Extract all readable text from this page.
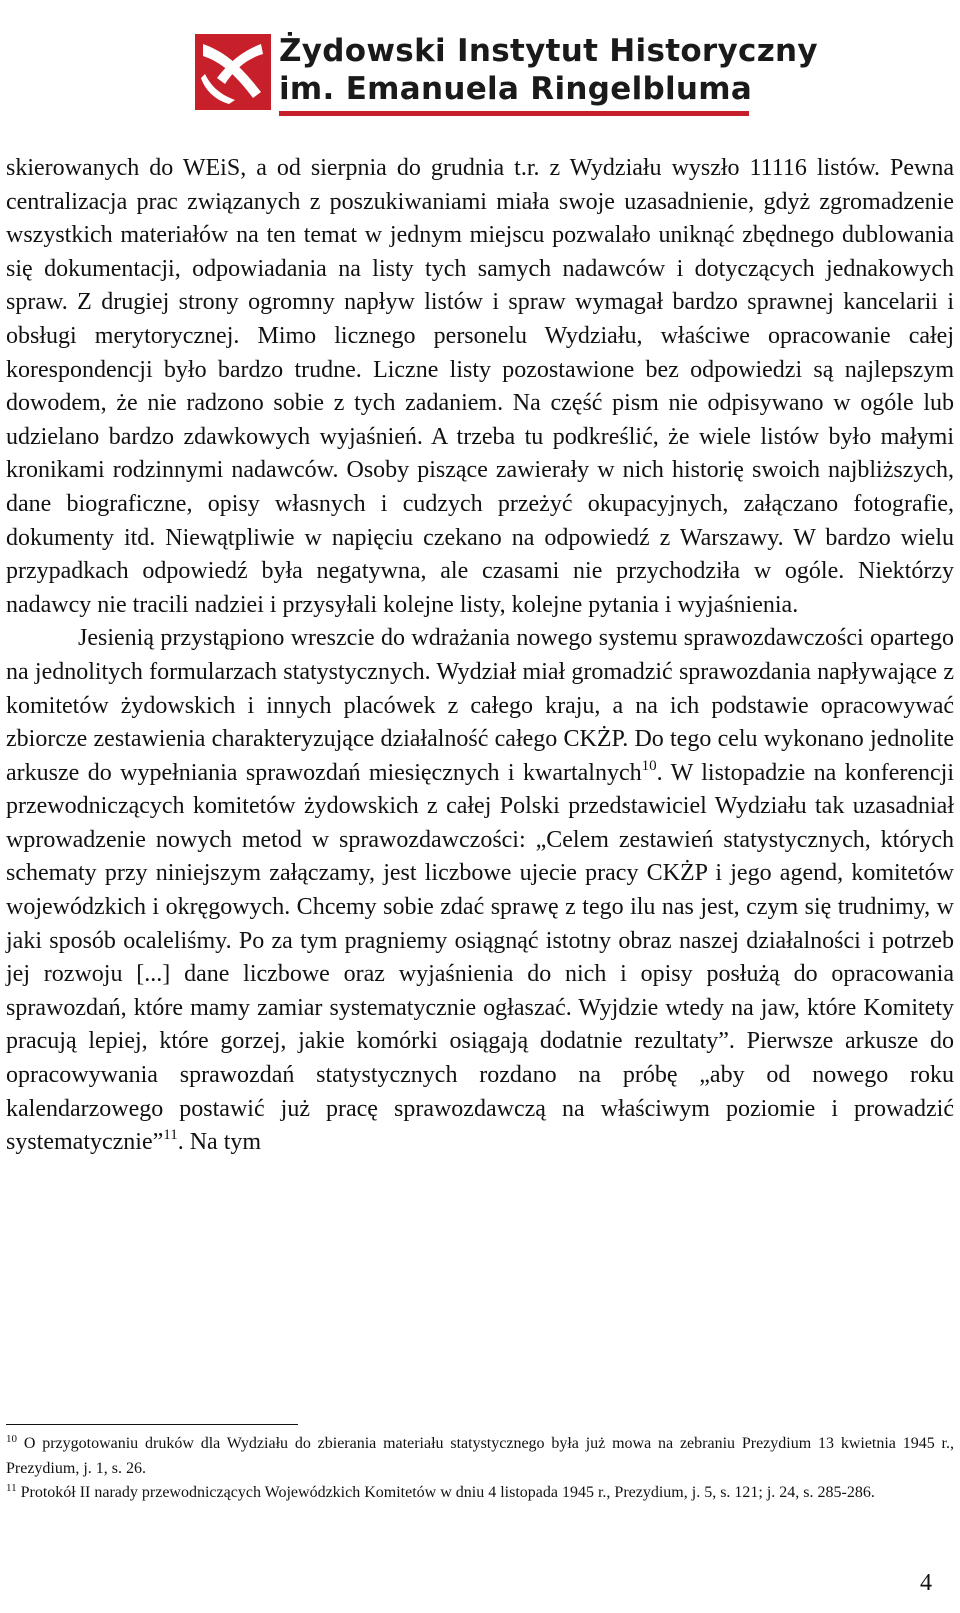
Żydowski Instytut Historyczny
im. Emanuela Ringelbluma

skierowanych do WEiS, a od sierpnia do grudnia t.r. z Wydziału wyszło 11116 listów. Pewna centralizacja prac związanych z poszukiwaniami miała swoje uzasadnienie, gdyż zgromadzenie wszystkich materiałów na ten temat w jednym miejscu pozwalało uniknąć zbędnego dublowania się dokumentacji, odpowiadania na listy tych samych nadawców i dotyczących jednakowych spraw. Z drugiej strony ogromny napływ listów i spraw wymagał bardzo sprawnej kancelarii i obsługi merytorycznej. Mimo licznego personelu Wydziału, właściwe opracowanie całej korespondencji było bardzo trudne. Liczne listy pozostawione bez odpowiedzi są najlepszym dowodem, że nie radzono sobie z tych zadaniem. Na część pism nie odpisywano w ogóle lub udzielano bardzo zdawkowych wyjaśnień. A trzeba tu podkreślić, że wiele listów było małymi kronikami rodzinnymi nadawców. Osoby piszące zawierały w nich historię swoich najbliższych, dane biograficzne, opisy własnych i cudzych przeżyć okupacyjnych, załączano fotografie, dokumenty itd. Niewątpliwie w napięciu czekano na odpowiedź z Warszawy. W bardzo wielu przypadkach odpowiedź była negatywna, ale czasami nie przychodziła w ogóle. Niektórzy nadawcy nie tracili nadziei i przysyłali kolejne listy, kolejne pytania i wyjaśnienia.

Jesienią przystąpiono wreszcie do wdrażania nowego systemu sprawozdawczości opartego na jednolitych formularzach statystycznych. Wydział miał gromadzić sprawozdania napływające z komitetów żydowskich i innych placówek z całego kraju, a na ich podstawie opracowywać zbiorcze zestawienia charakteryzujące działalność całego CKŻP. Do tego celu wykonano jednolite arkusze do wypełniania sprawozdań miesięcznych i kwartalnych$^{10}$. W listopadzie na konferencji przewodniczących komitetów żydowskich z całej Polski przedstawiciel Wydziału tak uzasadniał wprowadzenie nowych metod w sprawozdawczości: „Celem zestawień statystycznych, których schematy przy niniejszym załączamy, jest liczbowe ujecie pracy CKŻP i jego agend, komitetów wojewódzkich i okręgowych. Chcemy sobie zdać sprawę z tego ilu nas jest, czym się trudnimy, w jaki sposób ocaleliśmy. Po za tym pragniemy osiągnąć istotny obraz naszej działalności i potrzeb jej rozwoju [...] dane liczbowe oraz wyjaśnienia do nich i opisy posłużą do opracowania sprawozdań, które mamy zamiar systematycznie ogłaszać. Wyjdzie wtedy na jaw, które Komitety pracują lepiej, które gorzej, jakie komórki osiągają dodatnie rezultaty”. Pierwsze arkusze do opracowywania sprawozdań statystycznych rozdano na próbę „aby od nowego roku kalendarzowego postawić już pracę sprawozdawczą na właściwym poziomie i prowadzić systematycznie”$^{11}$. Na tym

$^{10}$ O przygotowaniu druków dla Wydziału do zbierania materiału statystycznego była już mowa na zebraniu Prezydium 13 kwietnia 1945 r., Prezydium, j. 1, s. 26.

$^{11}$ Protokół II narady przewodniczących Wojewódzkich Komitetów w dniu 4 listopada 1945 r., Prezydium, j. 5, s. 121; j. 24, s. 285-286.

4
